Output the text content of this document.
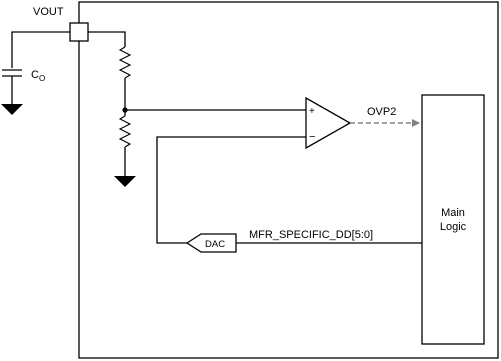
VOUT
$C_O$
+
−
DAC
MFR_SPECIFIC_DD[5:0]
OVP2
Main
Logic
